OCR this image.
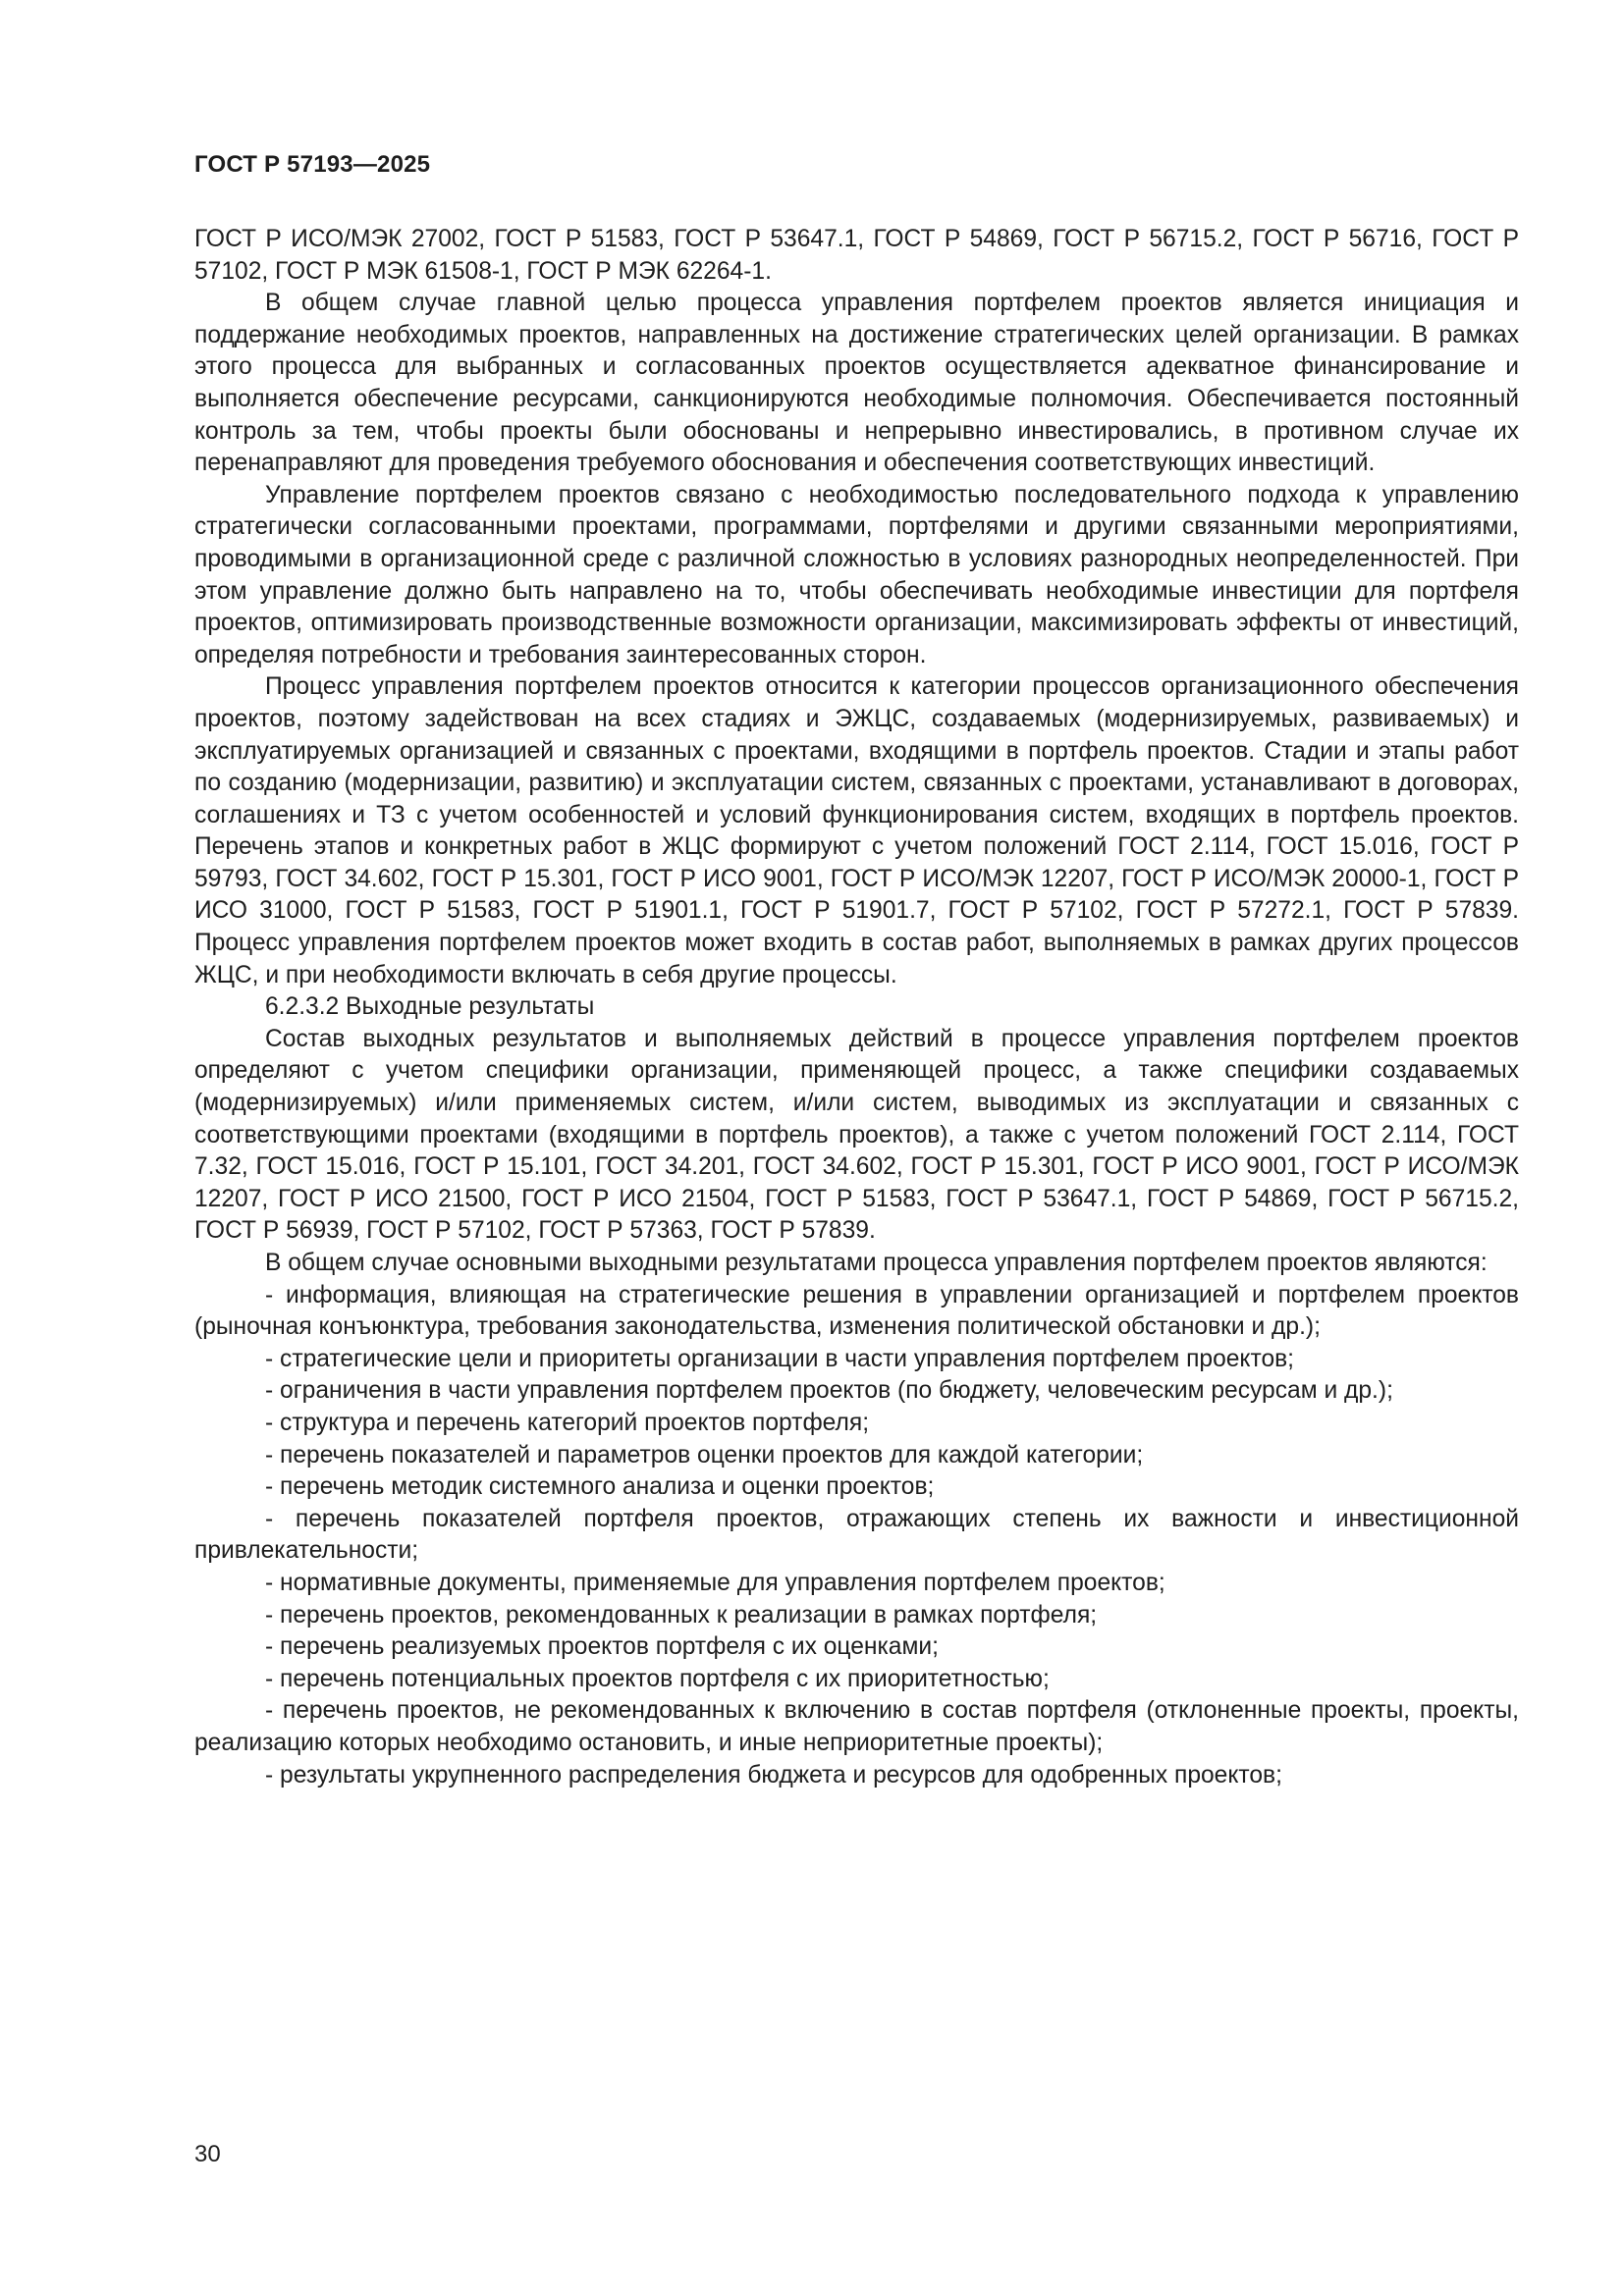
ГОСТ Р 57193—2025

ГОСТ Р ИСО/МЭК 27002, ГОСТ Р 51583, ГОСТ Р 53647.1, ГОСТ Р 54869, ГОСТ Р 56715.2, ГОСТ Р 56716, ГОСТ Р 57102, ГОСТ Р МЭК 61508-1, ГОСТ Р МЭК 62264-1.

В общем случае главной целью процесса управления портфелем проектов является инициация и поддержание необходимых проектов, направленных на достижение стратегических целей организации. В рамках этого процесса для выбранных и согласованных проектов осуществляется адекватное финансирование и выполняется обеспечение ресурсами, санкционируются необходимые полномочия. Обеспечивается постоянный контроль за тем, чтобы проекты были обоснованы и непрерывно инвестировались, в противном случае их перенаправляют для проведения требуемого обоснования и обеспечения соответствующих инвестиций.

Управление портфелем проектов связано с необходимостью последовательного подхода к управлению стратегически согласованными проектами, программами, портфелями и другими связанными мероприятиями, проводимыми в организационной среде с различной сложностью в условиях разнородных неопределенностей. При этом управление должно быть направлено на то, чтобы обеспечивать необходимые инвестиции для портфеля проектов, оптимизировать производственные возможности организации, максимизировать эффекты от инвестиций, определяя потребности и требования заинтересованных сторон.

Процесс управления портфелем проектов относится к категории процессов организационного обеспечения проектов, поэтому задействован на всех стадиях и ЭЖЦС, создаваемых (модернизируемых, развиваемых) и эксплуатируемых организацией и связанных с проектами, входящими в портфель проектов. Стадии и этапы работ по созданию (модернизации, развитию) и эксплуатации систем, связанных с проектами, устанавливают в договорах, соглашениях и ТЗ с учетом особенностей и условий функционирования систем, входящих в портфель проектов. Перечень этапов и конкретных работ в ЖЦС формируют с учетом положений ГОСТ 2.114, ГОСТ 15.016, ГОСТ Р 59793, ГОСТ 34.602, ГОСТ Р 15.301, ГОСТ Р ИСО 9001, ГОСТ Р ИСО/МЭК 12207, ГОСТ Р ИСО/МЭК 20000-1, ГОСТ Р ИСО 31000, ГОСТ Р 51583, ГОСТ Р 51901.1, ГОСТ Р 51901.7, ГОСТ Р 57102, ГОСТ Р 57272.1, ГОСТ Р 57839. Процесс управления портфелем проектов может входить в состав работ, выполняемых в рамках других процессов ЖЦС, и при необходимости включать в себя другие процессы.

6.2.3.2 Выходные результаты

Состав выходных результатов и выполняемых действий в процессе управления портфелем проектов определяют с учетом специфики организации, применяющей процесс, а также специфики создаваемых (модернизируемых) и/или применяемых систем, и/или систем, выводимых из эксплуатации и связанных с соответствующими проектами (входящими в портфель проектов), а также с учетом положений ГОСТ 2.114, ГОСТ 7.32, ГОСТ 15.016, ГОСТ Р 15.101, ГОСТ 34.201, ГОСТ 34.602, ГОСТ Р 15.301, ГОСТ Р ИСО 9001, ГОСТ Р ИСО/МЭК 12207, ГОСТ Р ИСО 21500, ГОСТ Р ИСО 21504, ГОСТ Р 51583, ГОСТ Р 53647.1, ГОСТ Р 54869, ГОСТ Р 56715.2, ГОСТ Р 56939, ГОСТ Р 57102, ГОСТ Р 57363, ГОСТ Р 57839.

В общем случае основными выходными результатами процесса управления портфелем проектов являются:

- информация, влияющая на стратегические решения в управлении организацией и портфелем проектов (рыночная конъюнктура, требования законодательства, изменения политической обстановки и др.);

- стратегические цели и приоритеты организации в части управления портфелем проектов;

- ограничения в части управления портфелем проектов (по бюджету, человеческим ресурсам и др.);

- структура и перечень категорий проектов портфеля;

- перечень показателей и параметров оценки проектов для каждой категории;

- перечень методик системного анализа и оценки проектов;

- перечень показателей портфеля проектов, отражающих степень их важности и инвестиционной привлекательности;

- нормативные документы, применяемые для управления портфелем проектов;

- перечень проектов, рекомендованных к реализации в рамках портфеля;

- перечень реализуемых проектов портфеля с их оценками;

- перечень потенциальных проектов портфеля с их приоритетностью;

- перечень проектов, не рекомендованных к включению в состав портфеля (отклоненные проекты, проекты, реализацию которых необходимо остановить, и иные неприоритетные проекты);

- результаты укрупненного распределения бюджета и ресурсов для одобренных проектов;

30
